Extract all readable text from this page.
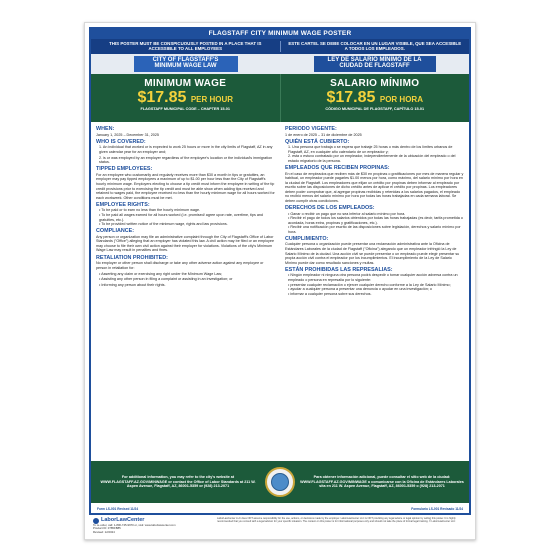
FLAGSTAFF CITY MINIMUM WAGE POSTER
THIS POSTER MUST BE CONSPICUOUSLY POSTED IN A PLACE THAT IS ACCESSIBLE TO ALL EMPLOYEES
ESTE CARTEL SE DEBE COLOCAR EN UN LUGAR VISIBLE, QUE SEA ACCESIBLE A TODOS LOS EMPLEADOS.
CITY OF FLAGSTAFF'S MINIMUM WAGE LAW
LEY DE SALARIO MÍNIMO DE LA CIUDAD DE FLAGSTAFF
MINIMUM WAGE
$17.85 PER HOUR
FLAGSTAFF MUNICIPAL CODE – CHAPTER 15-01
SALARIO MÍNIMO
$17.85 POR HORA
CÓDIGO MUNICIPAL DE FLAGSTAFF, CAPÍTULO 15-01
WHEN:
January 1, 2025 – December 31, 2025
WHO IS COVERED:
1. An individual that worked or is expected to work 25 hours or more in the city limits of Flagstaff, AZ in any given calendar year for an employer and;
2. is or was employed by an employer regardless of the employee's location or the individual's immigration status.
TIPPED EMPLOYEES:
For an employee who customarily and regularly receives more than $30 a month in tips or gratuities, an employer may pay tipped employees a maximum of up to $1.00 per hour less than the City of Flagstaff's hourly minimum wage. Employers electing to choose a tip credit must inform the employee in writing of the tip credit provisions prior to exercising the tip credit and must be able show when adding tips received and retained to wages paid, the employee received no less than the hourly minimum wage for all hours worked for each workweek. Other conditions must be met.
EMPLOYEE RIGHTS:
• To be paid or to earn no less than the hourly minimum wage.
• To be paid all wages earned for all hours worked (i.e. promised/ agree upon rate, overtime, tips and gratuities, etc.).
• To be provided written notice of the minimum wage, rights and law provisions.
COMPLIANCE:
Any person or organization may file an administrative complaint through the City of Flagstaff's Office of Labor Standards ("Office") alleging that an employer has violated this law. A civil action may be filed or an employee may choose to file their own civil action against their employer for violations. Violations of the city's Minimum Wage Law may result in penalties and fines.
RETALIATION PROHIBITED:
No employer or other person shall discharge or take any other adverse action against any employee or person in retaliation for:
• Asserting any claim or exercising any right under the Minimum Wage Law;
• Assisting any other person in filing a complaint or assisting in an investigation; or
• Informing any person about their rights.
PERIODO VIGENTE:
1 de enero de 2025 – 31 de diciembre de 2025
QUIÉN ESTÁ CUBIERTO:
1. Una persona que trabaja o se espera que trabaje 25 horas o más dentro de los límites urbanos de Flagstaff, AZ, en cualquier año calendario de un empleador y;
2. esta o estuvo contratado por un empleador, independientemente de la ubicación del empleado o del estado migratorio de la persona.
EMPLEADOS QUE RECIBEN PROPINAS:
En el caso de empleados que reciben más de $30 en propinas o gratificaciones por mes de manera regular y habitual, un empleador puede pagarles $1.00 menos por hora, como máximo, del salario mínimo por hora en la ciudad de Flagstaff. Los empleadores que elijan un crédito por propinas deben informar al empleado por escrito sobre las disposiciones de dicho crédito antes de aplicar el crédito por propinas. Los empleadores deben poder comprobar que, al agregar propinas recibidas y retenidas a los salarios pagados, el empleado no recibió menos del salario mínimo por hora por todas las horas trabajadas en cada semana laboral. Se deben cumplir otras condiciones.
DERECHOS DE LOS EMPLEADOS:
• Ganar o recibir un pago que no sea inferior al salario mínimo por hora.
• Recibir el pago de todos los salarios obtenidos por todas las horas trabajadas (es decir, tarifa prometida o acordada, horas extra, propinas y gratificaciones, etc.).
• Recibir una notificación por escrito de las disposiciones sobre legislación, derechos y salario mínimo por hora.
CUMPLIMIENTO:
Cualquier persona u organización puede presentar una reclamación administrativa ante la Oficina de Estándares Laborales de la ciudad de Flagstaff ("Oficina") alegando que un empleador infringió la Ley de Salario Mínimo de la ciudad. Una acción civil se puede presentar o un empleado puede elegir presentar su propia acción civil contra el empleador por los incumplimientos. El incumplimiento de la Ley de Salario Mínimo puede dar como resultado sanciones y multas.
ESTÁN PROHIBIDAS LAS REPRESALIAS:
• Ningún empleador ni ninguna otra persona podrá despedir o tomar cualquier acción adversa contra un empleado o persona en represalia por lo siguiente:
• presentar cualquier reclamación o ejercer cualquier derecho conforme a la Ley de Salario Mínimo;
• ayudar a cualquier persona a presentar una denuncia o ayudar en una investigación; o
• informar a cualquier persona sobre sus derechos.
For additional information, you may refer to the city's website at WWW.FLAGSTAFF.AZ.GOV/MINWAGE or contact the Office of Labor Standards at 211 W. Aspen Avenue, Flagstaff, AZ, 86001-5359 or (928) 213-2071
Para obtener información adicional, puede consultar el sitio web de la ciudad: WWW.FLAGSTAFF.AZ.GOV/MINWAGE o comunicarse con la Oficina de Estándares Laborales sita en 211 W. Aspen Avenue, Flagstaff, AZ, 86001-5359 o (928) 213-2071
Form LS-001 Revised 11/24	Formulario LS-001 Revisado 11/24
LaborLawCenter
To re-order, call: 1-800-745-9970 or, visit: www.laborlawcenter.com
Product ID: 0785FB85
Revised: 12/2024
LaborLawCenter LLC does NOT assume responsibility for the use, actions, or decisions made by the employer. LaborLawCenter LLC is NOT providing any legal advice or legal opinion by selling this poster. It is highly recommended that you consult with a legal advisor for your specific situation. The content on this poster is for informational purposes only and should not take the place of formal legal training. © LaborLawCenter LLC
